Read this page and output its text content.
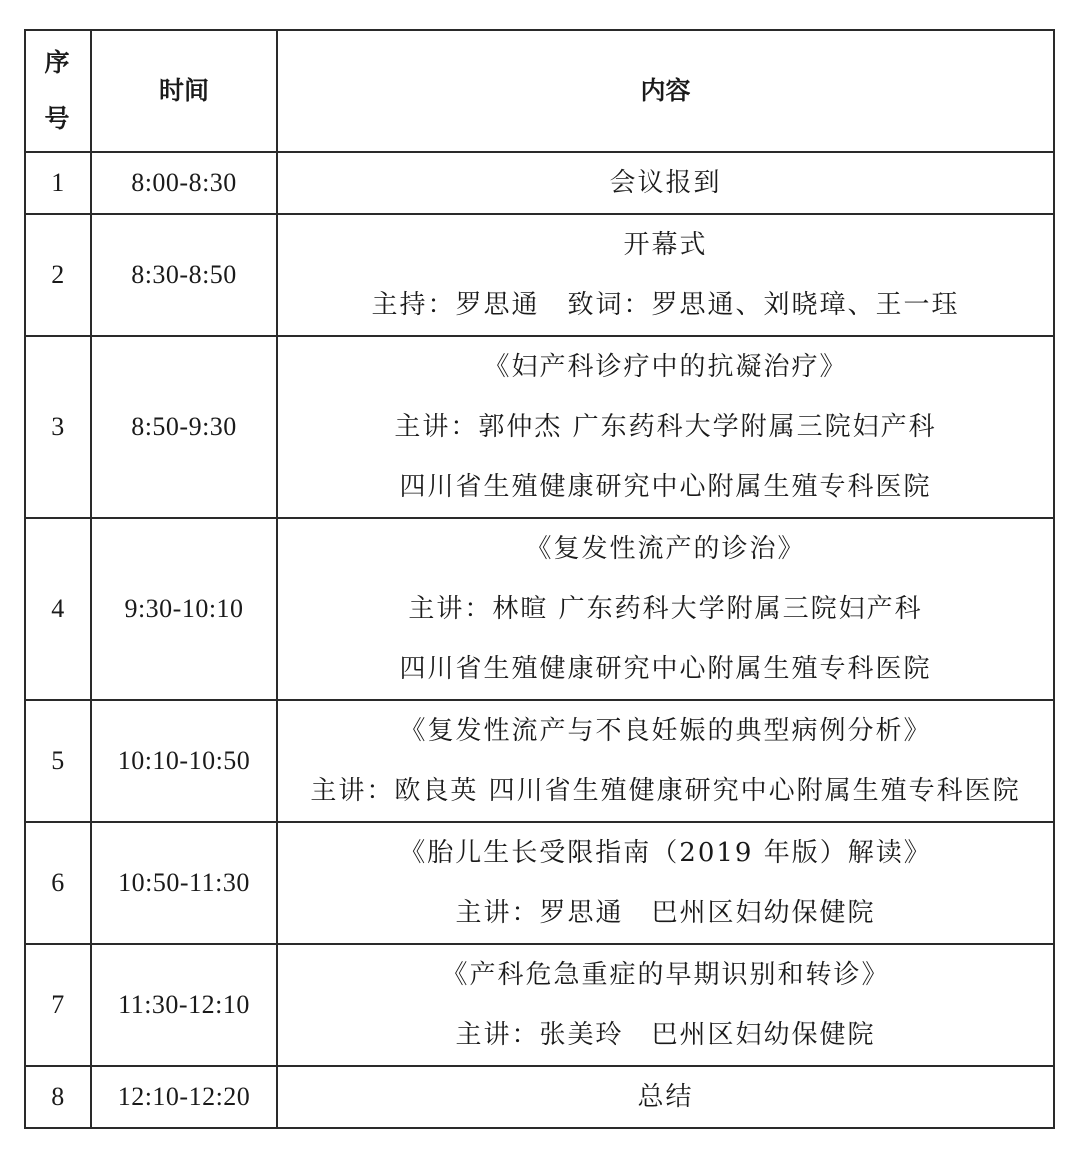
序
号	时间	内容
1	8:00-8:30	会议报到

2	8:30-8:50	开幕式
主持：罗思通　致词：罗思通、刘晓璋、王一珏

3	8:50-9:30	《妇产科诊疗中的抗凝治疗》
主讲：郭仲杰 广东药科大学附属三院妇产科
四川省生殖健康研究中心附属生殖专科医院

4	9:30-10:10	《复发性流产的诊治》
主讲：林暄 广东药科大学附属三院妇产科
四川省生殖健康研究中心附属生殖专科医院

5	10:10-10:50	《复发性流产与不良妊娠的典型病例分析》
主讲：欧良英 四川省生殖健康研究中心附属生殖专科医院

6	10:50-11:30	《胎儿生长受限指南（2019 年版）解读》
主讲：罗思通　巴州区妇幼保健院

7	11:30-12:10	《产科危急重症的早期识别和转诊》
主讲：张美玲　巴州区妇幼保健院

8	12:10-12:20	总结
